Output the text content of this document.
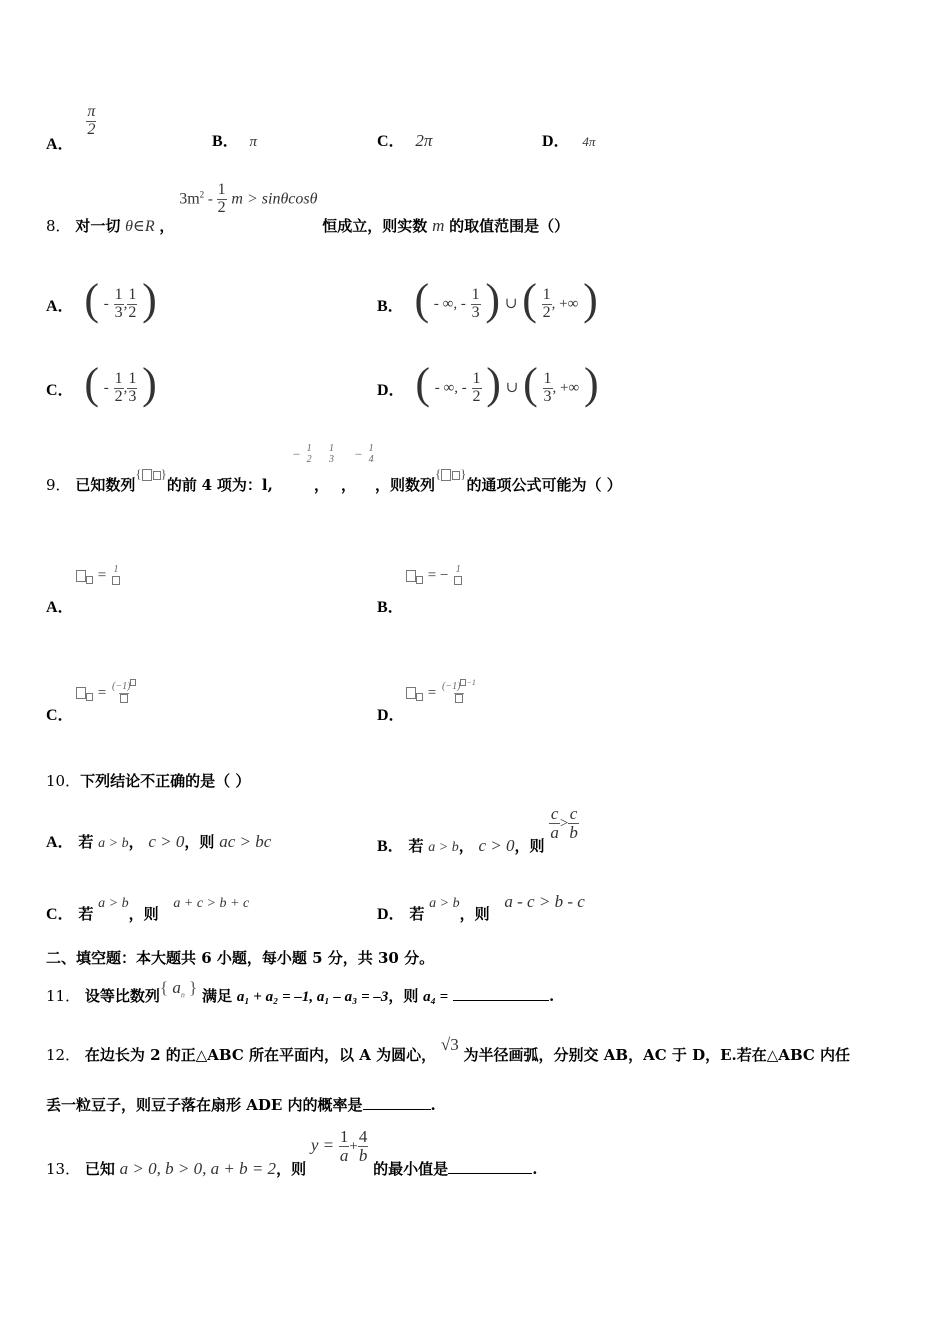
A．
$\frac{\pi}{2}$
B． π	C． 2π	D． 4π
8． 对一切 θ∈R ， $3m^2 - \frac{1}{2}$ m > sinθcosθ 恒成立，则实数 m 的取值范围是（）
A． ( - $\frac{1}{3}$ , $\frac{1}{2}$ )	B． ( - ∞, - $\frac{1}{3}$ ) ∪ ( $\frac{1}{2}$ , +∞ )
C． ( - $\frac{1}{2}$ , $\frac{1}{3}$ )	D． ( - ∞, - $\frac{1}{2}$ ) ∪ ( $\frac{1}{3}$ , +∞ )
9． 已知数列{ }的前 4 项为：l,
− 1
2
，
1
3
，
− 1
4
，则数列{ }的通项公式可能为（ ）
= 1
A．
= − 1
B．
= (−1)
C．
= (−1) $^{-1}$
D．
10．下列结论不正确的是（ ）
A． 若 a > b， c > 0，则 ac > bc	B． 若 a > b， c > 0，则
$\frac{c}{a} > \frac{c}{b}$
C． 若 a > b，则 a + c > b + c
D． 若 a > b，则 a - c > b - c
二、填空题：本大题共 6 小题，每小题 5 分，共 30 分。
11． 设等比数列{ $a_n$ } 满足 a₁ + a₂ = –1, a₁ – a₃ = –3，则 a₄ =	.
12． 在边长为 2 的正△ABC 所在平面内，以 A 为圆心， √3 为半径画弧，分别交 AB，AC 于 D，E.若在△ABC 内任
丢一粒豆子，则豆子落在扇形 ADE 内的概率是	.
13． 已知 a > 0, b > 0, a + b = 2，则 $y = \frac{1}{a} + \frac{4}{b}$
的最小值是	.
